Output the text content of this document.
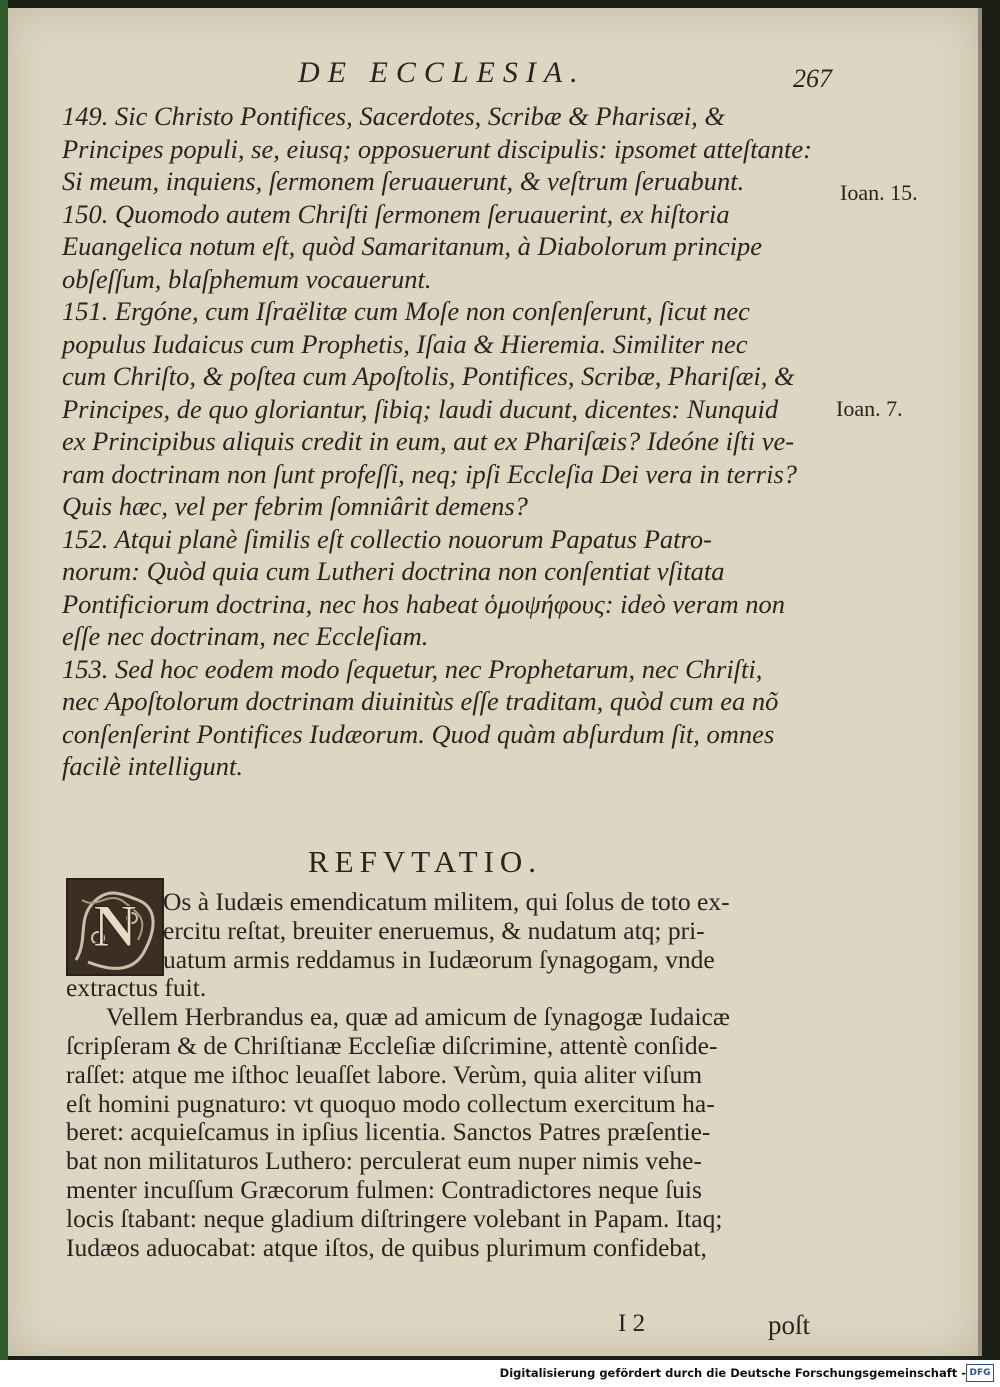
DE ECCLESIA.	267
149. Sic Christo Pontifices, Sacerdotes, Scribæ & Pharisæi, &
Principes populi, se, eiusq; opposuerunt discipulis: ipsomet atteſtante:
Si meum, inquiens, ſermonem ſeruauerunt, & veſtrum ſeruabunt.
150. Quomodo autem Chriſti ſermonem ſeruauerint, ex hiſtoria
Euangelica notum eſt, quòd Samaritanum, à Diabolorum principe
obſeſſum, blaſphemum vocauerunt.
151. Ergóne, cum Iſraëlitæ cum Moſe non conſenſerunt, ſicut nec
populus Iudaicus cum Prophetis, Iſaia & Hieremia. Similiter nec
cum Chriſto, & poſtea cum Apoſtolis, Pontifices, Scribæ, Phariſæi, &
Principes, de quo gloriantur, ſibiq; laudi ducunt, dicentes: Nunquid
ex Principibus aliquis credit in eum, aut ex Phariſæis? Ideóne iſti ve-
ram doctrinam non ſunt profeſſi, neq; ipſi Eccleſia Dei vera in terris?
Quis hæc, vel per febrim ſomniârit demens?
152. Atqui planè ſimilis eſt collectio nouorum Papatus Patro-
norum: Quòd quia cum Lutheri doctrina non conſentiat vſitata
Pontificiorum doctrina, nec hos habeat ὁμοψήφους: ideò veram non
eſſe nec doctrinam, nec Eccleſiam.
153. Sed hoc eodem modo ſequetur, nec Prophetarum, nec Chriſti,
nec Apoſtolorum doctrinam diuinitùs eſſe traditam, quòd cum ea nõ
conſenſerint Pontifices Iudæorum. Quod quàm abſurdum ſit, omnes
facilè intelligunt.
Ioan. 15.
Ioan. 7.
REFVTATIO.
N	Os à Iudæis emendicatum militem, qui ſolus de toto ex-
ercitu reſtat, breuiter eneruemus, & nudatum atq; pri-
uatum armis reddamus in Iudæorum ſynagogam, vnde
extractus fuit.
Vellem Herbrandus ea, quæ ad amicum de ſynagogæ Iudaicæ
ſcripſeram & de Chriſtianæ Eccleſiæ diſcrimine, attentè conſide-
raſſet: atque me iſthoc leuaſſet labore. Verùm, quia aliter viſum
eſt homini pugnaturo: vt quoquo modo collectum exercitum ha-
beret: acquieſcamus in ipſius licentia. Sanctos Patres præſentie-
bat non militaturos Luthero: perculerat eum nuper nimis vehe-
menter incuſſum Græcorum fulmen: Contradictores neque ſuis
locis ſtabant: neque gladium diſtringere volebant in Papam. Itaq;
Iudæos aduocabat: atque iſtos, de quibus plurimum confidebat,
I 2	poſt
Digitalisierung gefördert durch die Deutsche Forschungsgemeinschaft - DFG
